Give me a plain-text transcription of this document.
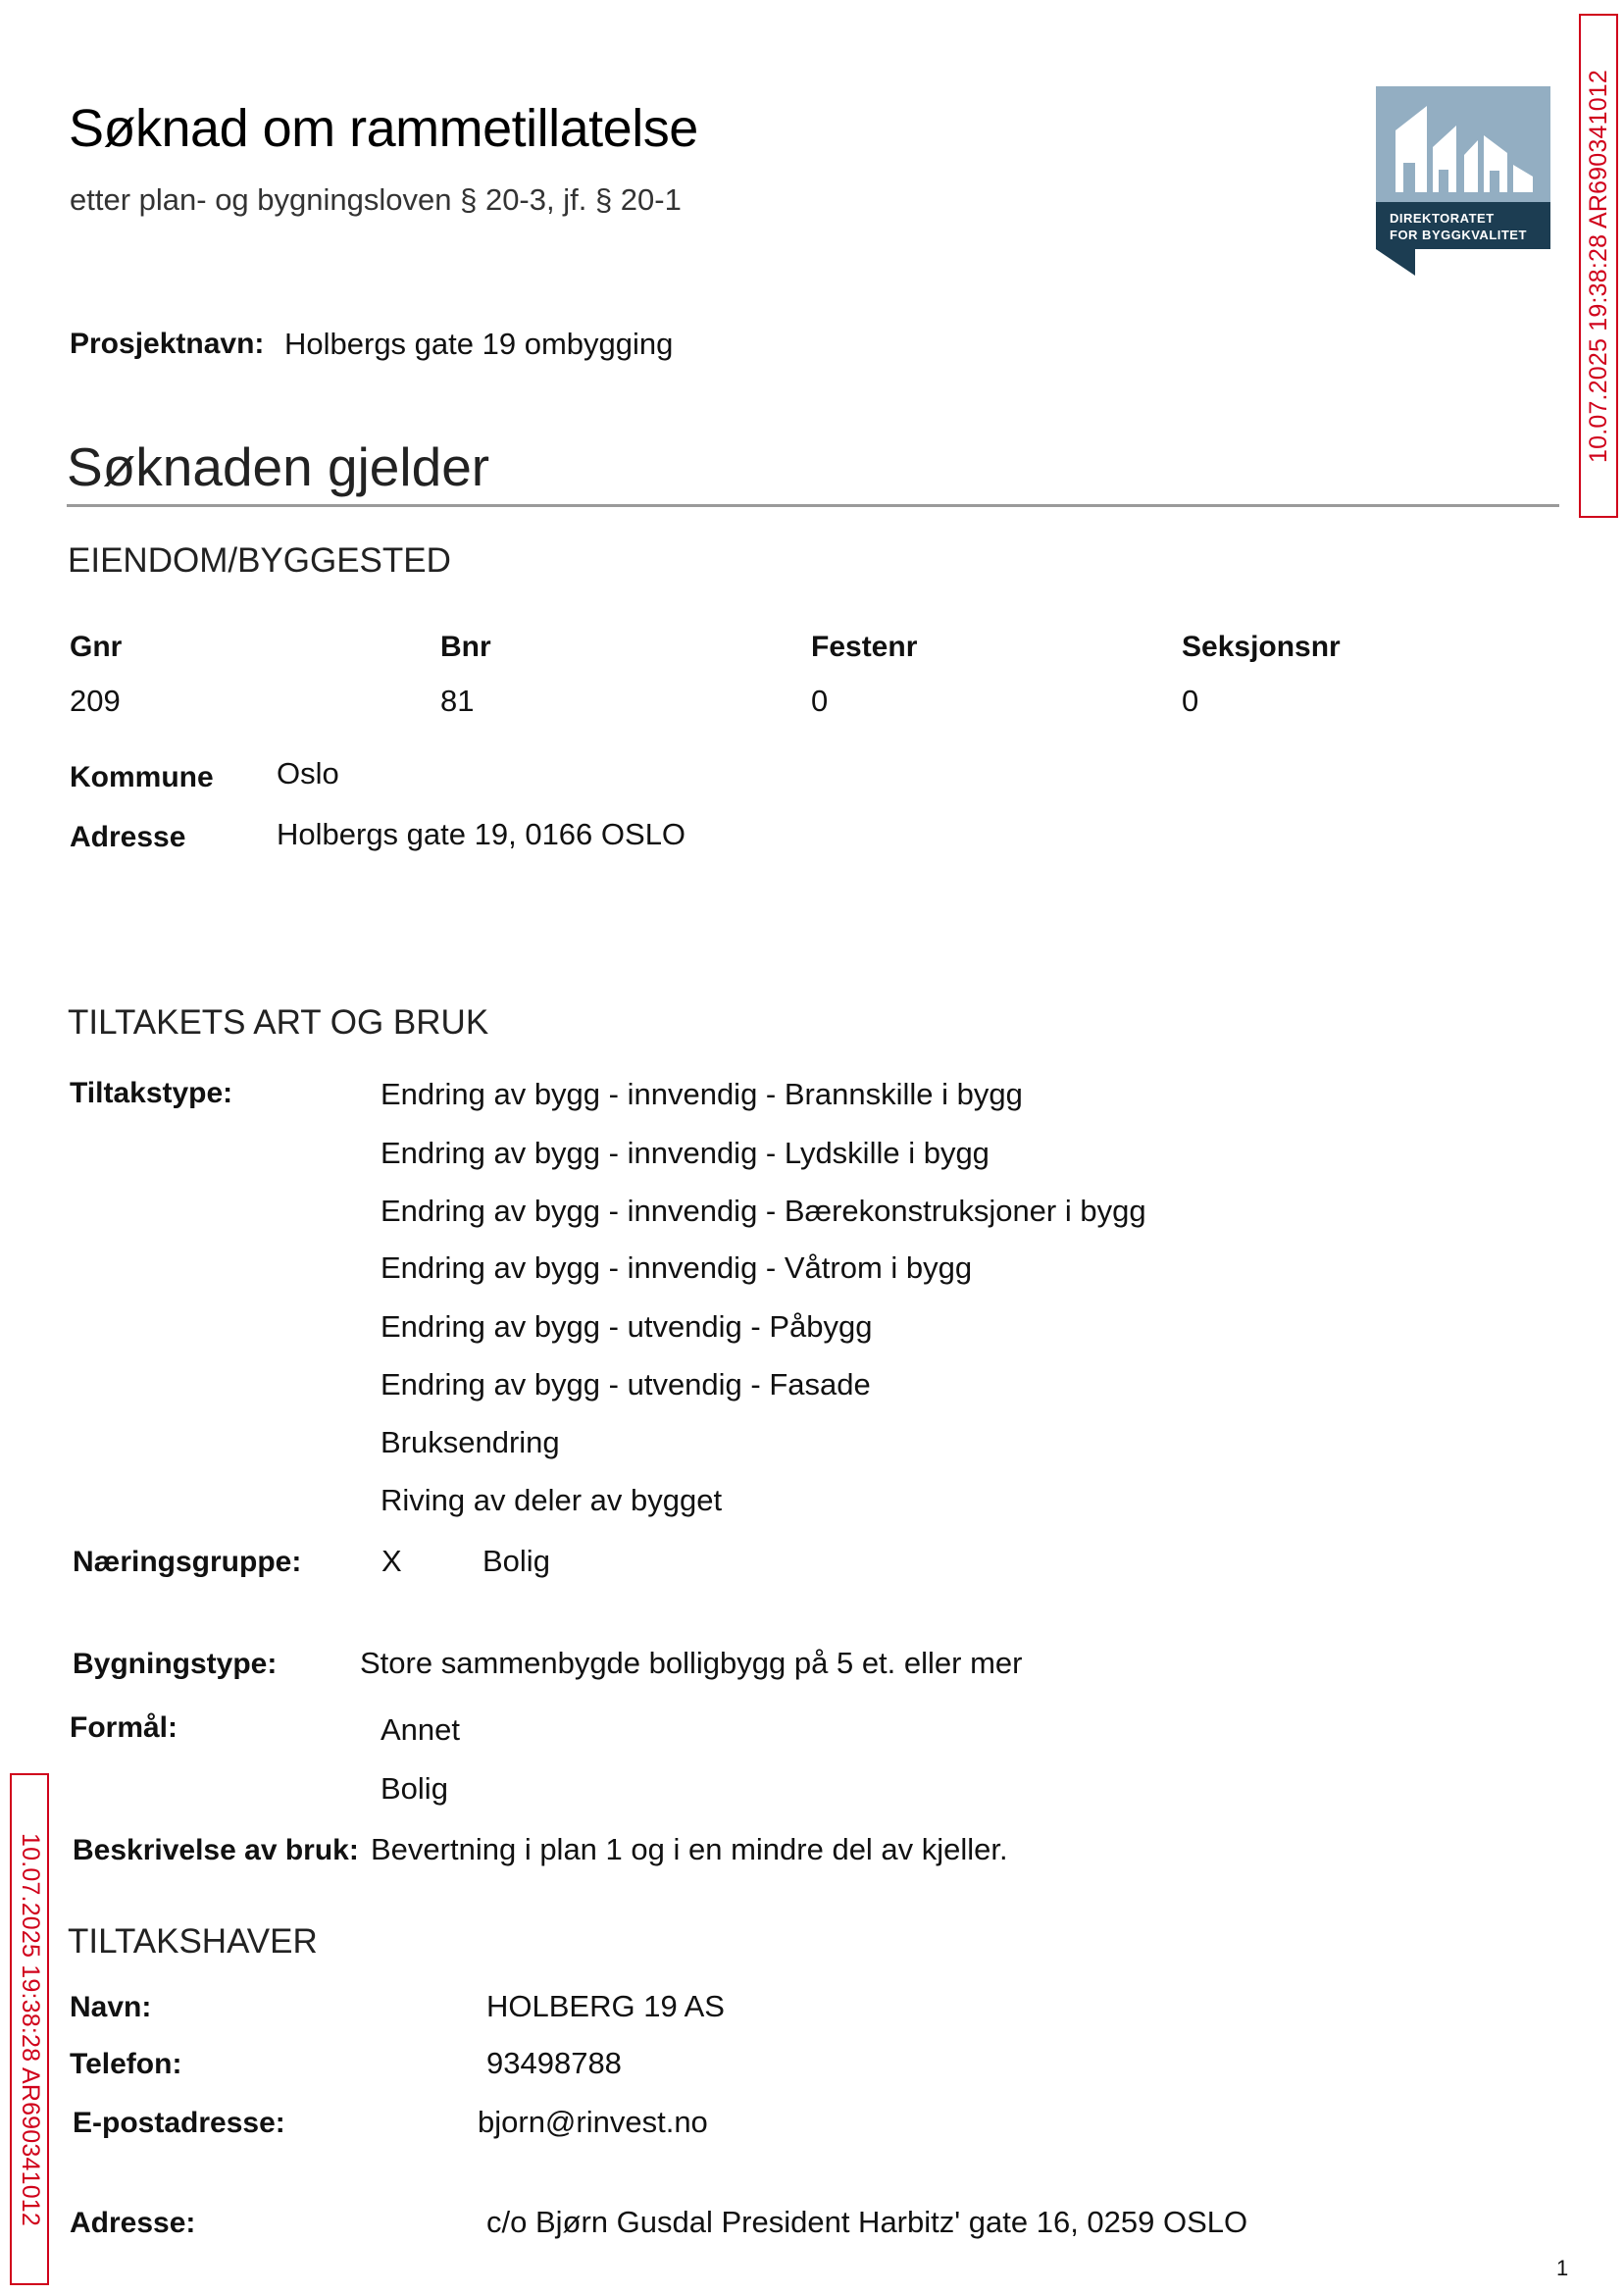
Søknad om rammetillatelse
etter plan- og bygningsloven § 20-3, jf. § 20-1
DIREKTORATET
FOR BYGGKVALITET 10.07.2025 19:38:28 AR690341012
10.07.2025 19:38:28 AR690341012
Prosjektnavn: Holbergs gate 19 ombygging
Søknaden gjelder
EIENDOM/BYGGESTED
Gnr	Bnr	Festenr	Seksjonsnr
209	81	0	0
Kommune Oslo
Adresse	Holbergs gate 19, 0166 OSLO
TILTAKETS ART OG BRUK
Tiltakstype:	Endring av bygg - innvendig - Brannskille i bygg
Endring av bygg - innvendig - Lydskille i bygg
Endring av bygg - innvendig - Bærekonstruksjoner i bygg
Endring av bygg - innvendig - Våtrom i bygg
Endring av bygg - utvendig - Påbygg
Endring av bygg - utvendig - Fasade
Bruksendring
Riving av deler av bygget
Næringsgruppe:	X	Bolig
Bygningstype:	Store sammenbygde bolligbygg på 5 et. eller mer
Formål:	Annet
Bolig
Beskrivelse av bruk: Bevertning i plan 1 og i en mindre del av kjeller.
TILTAKSHAVER
Navn:	HOLBERG 19 AS
Telefon:	93498788
E-postadresse:	bjorn@rinvest.no
Adresse:	c/o Bjørn Gusdal President Harbitz' gate 16, 0259 OSLO
1
